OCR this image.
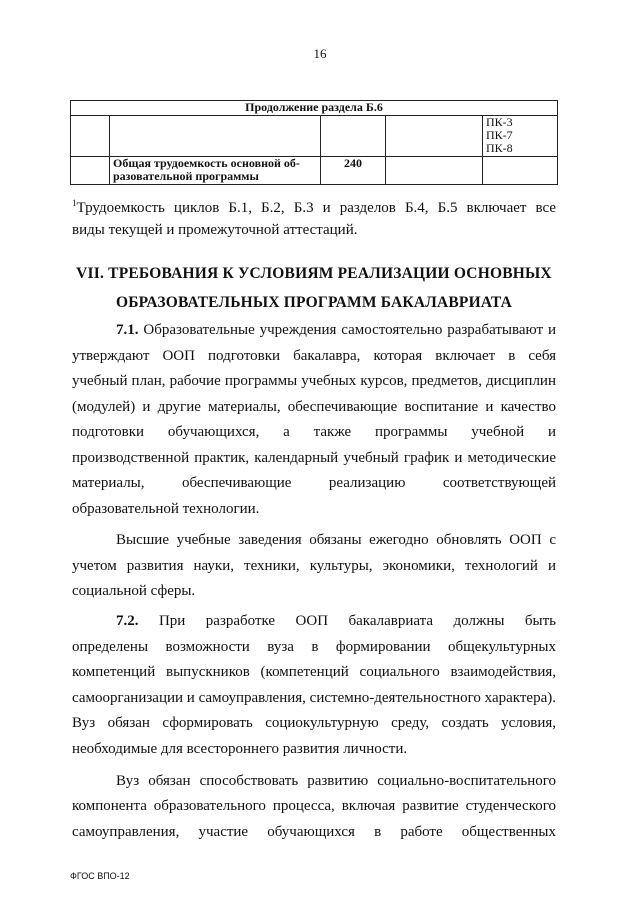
16
Продолжение раздела Б.6				

				ПК-3
ПК-7
ПК-8

	Общая трудоемкость основной об-
разовательной программы	240		

$^1$Трудоемкость циклов Б.1, Б.2, Б.3 и разделов Б.4, Б.5 включает все

виды текущей и промежуточной аттестаций.

VII. ТРЕБОВАНИЯ К УСЛОВИЯМ РЕАЛИЗАЦИИ ОСНОВНЫХ

ОБРАЗОВАТЕЛЬНЫХ ПРОГРАММ БАКАЛАВРИАТА

7.1. Образовательные учреждения самостоятельно разрабатывают и

утверждают ООП подготовки бакалавра, которая включает в себя

учебный план, рабочие программы учебных курсов, предметов, дисциплин

(модулей) и другие материалы, обеспечивающие воспитание и качество

подготовки обучающихся, а также программы учебной и

производственной практик, календарный учебный график и методические

материалы, обеспечивающие реализацию соответствующей

образовательной технологии.

Высшие учебные заведения обязаны ежегодно обновлять ООП с

учетом развития науки, техники, культуры, экономики, технологий и

социальной сферы.

7.2. При разработке ООП бакалавриата должны быть

определены возможности вуза в формировании общекультурных

компетенций выпускников (компетенций социального взаимодействия,

самоорганизации и самоуправления, системно-деятельностного характера).

Вуз обязан сформировать социокультурную среду, создать условия,

необходимые для всестороннего развития личности.

Вуз обязан способствовать развитию социально-воспитательного

компонента образовательного процесса, включая развитие студенческого

самоуправления, участие обучающихся в работе общественных

ФГОС ВПО-12
